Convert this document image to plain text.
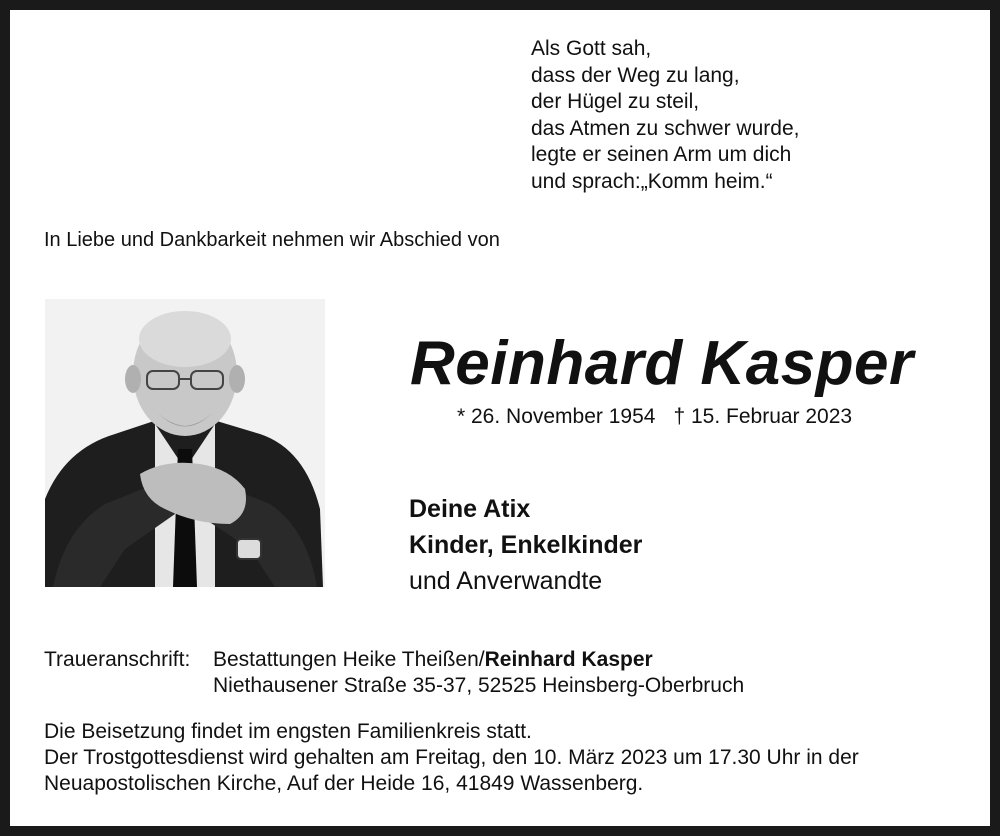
Als Gott sah,
dass der Weg zu lang,
der Hügel zu steil,
das Atmen zu schwer wurde,
legte er seinen Arm um dich
und sprach:„Komm heim.“
In Liebe und Dankbarkeit nehmen wir Abschied von
Reinhard Kasper
* 26. November 1954 † 15. Februar 2023
Deine Atix
Kinder, Enkelkinder
und Anverwandte
Traueranschrift: Bestattungen Heike Theißen/Reinhard Kasper
Niethausener Straße 35-37, 52525 Heinsberg-Oberbruch
Die Beisetzung findet im engsten Familienkreis statt.
Der Trostgottesdienst wird gehalten am Freitag, den 10. März 2023 um 17.30 Uhr in der
Neuapostolischen Kirche, Auf der Heide 16, 41849 Wassenberg.
